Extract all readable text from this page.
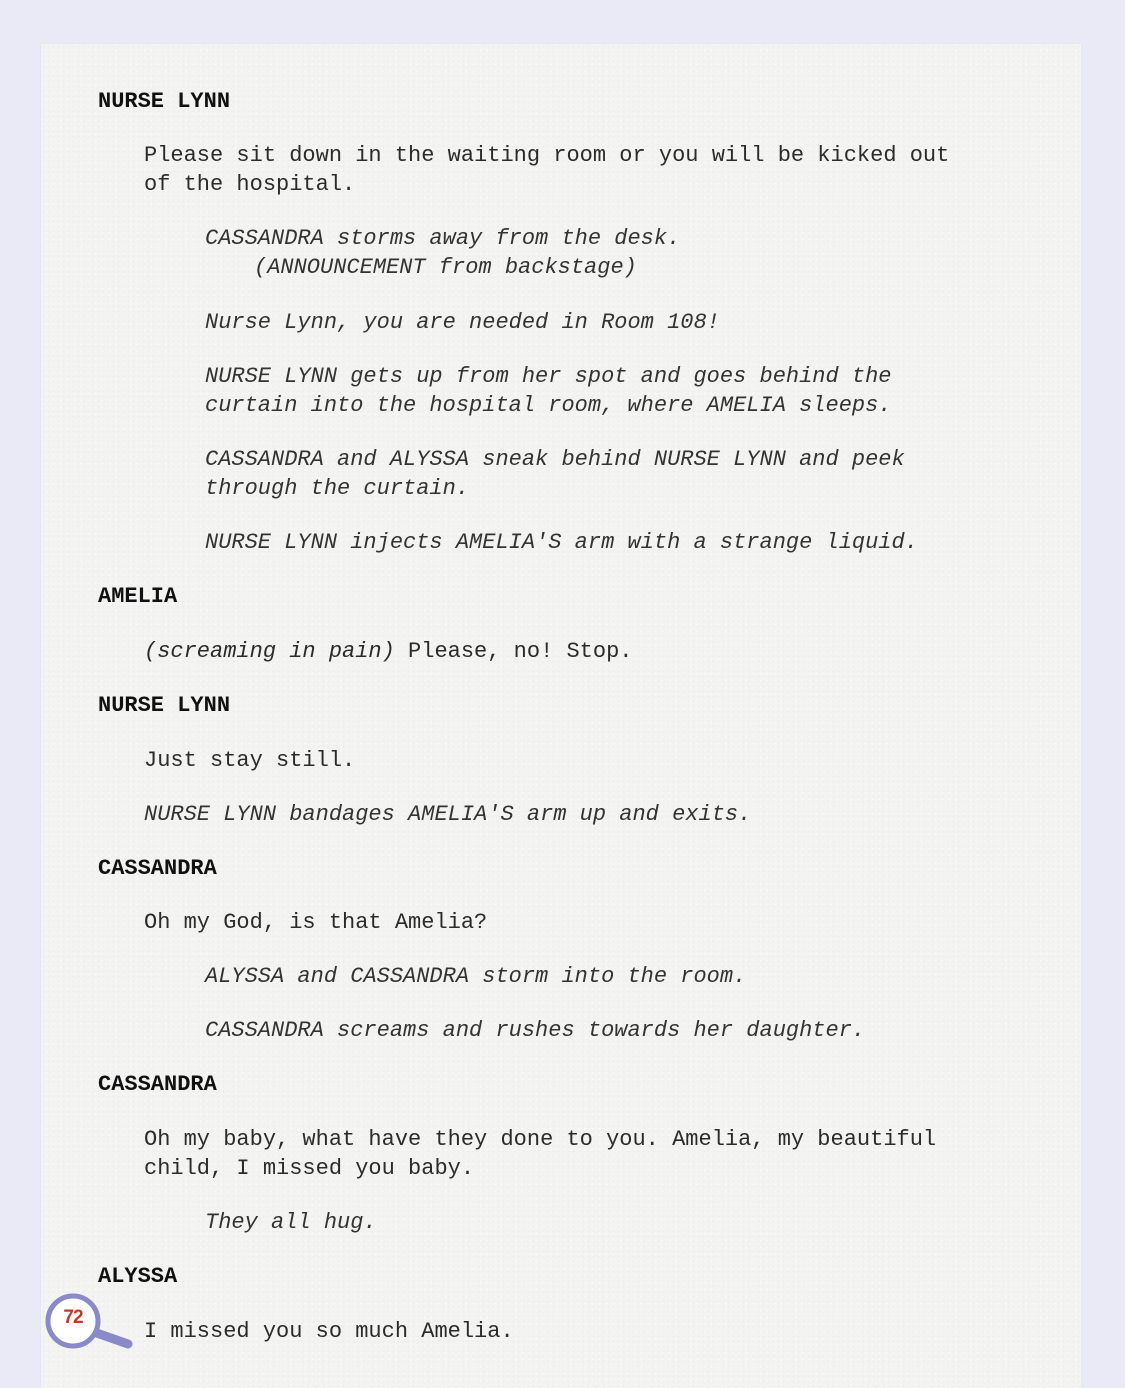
NURSE LYNN

Please sit down in the waiting room or you will be kicked out

of the hospital.

CASSANDRA storms away from the desk.

(ANNOUNCEMENT from backstage)

Nurse Lynn, you are needed in Room 108!

NURSE LYNN gets up from her spot and goes behind the

curtain into the hospital room, where AMELIA sleeps.

CASSANDRA and ALYSSA sneak behind NURSE LYNN and peek

through the curtain.

NURSE LYNN injects AMELIA'S arm with a strange liquid.

AMELIA

(screaming in pain) Please, no! Stop.

NURSE LYNN

Just stay still.

NURSE LYNN bandages AMELIA'S arm up and exits.

CASSANDRA

Oh my God, is that Amelia?

ALYSSA and CASSANDRA storm into the room.

CASSANDRA screams and rushes towards her daughter.

CASSANDRA

Oh my baby, what have they done to you. Amelia, my beautiful

child, I missed you baby.

They all hug.

ALYSSA

I missed you so much Amelia.

72
